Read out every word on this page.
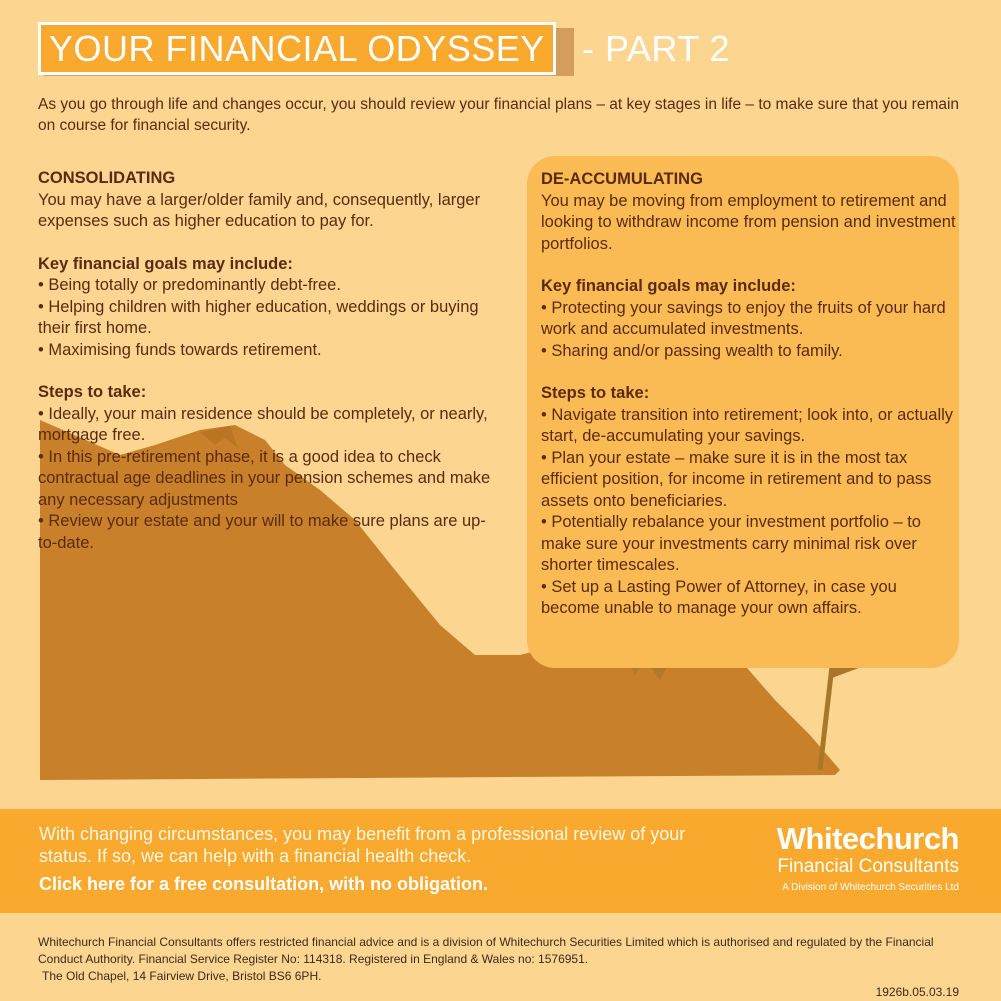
YOUR FINANCIAL ODYSSEY	- PART 2
As you go through life and changes occur, you should review your financial plans – at key stages in life – to make sure that you remain on course for financial security.
CONSOLIDATING

You may have a larger/older family and, consequently, larger expenses such as higher education to pay for.

Key financial goals may include:

• Being totally or predominantly debt-free.

• Helping children with higher education, weddings or buying their first home.

• Maximising funds towards retirement.

Steps to take:

• Ideally, your main residence should be completely, or nearly, mortgage free.

• In this pre-retirement phase, it is a good idea to check contractual age deadlines in your pension schemes and make any necessary adjustments

• Review your estate and your will to make sure plans are up-to-date.

DE-ACCUMULATING

You may be moving from employment to retirement and looking to withdraw income from pension and investment portfolios.

Key financial goals may include:

• Protecting your savings to enjoy the fruits of your hard work and accumulated investments.

• Sharing and/or passing wealth to family.

Steps to take:

• Navigate transition into retirement; look into, or actually start, de-accumulating your savings.

• Plan your estate – make sure it is in the most tax efficient position, for income in retirement and to pass assets onto beneficiaries.

• Potentially rebalance your investment portfolio – to make sure your investments carry minimal risk over shorter timescales.

• Set up a Lasting Power of Attorney, in case you become unable to manage your own affairs.

With changing circumstances, you may benefit from a professional review of your status. If so, we can help with a financial health check.
Click here for a free consultation, with no obligation.
Whitechurch
Financial Consultants
A Division of Whitechurch Securities Ltd
Whitechurch Financial Consultants offers restricted financial advice and is a division of Whitechurch Securities Limited which is authorised and regulated by the Financial Conduct Authority. Financial Service Register No: 114318. Registered in England & Wales no: 1576951.
The Old Chapel, 14 Fairview Drive, Bristol BS6 6PH.
1926b.05.03.19
